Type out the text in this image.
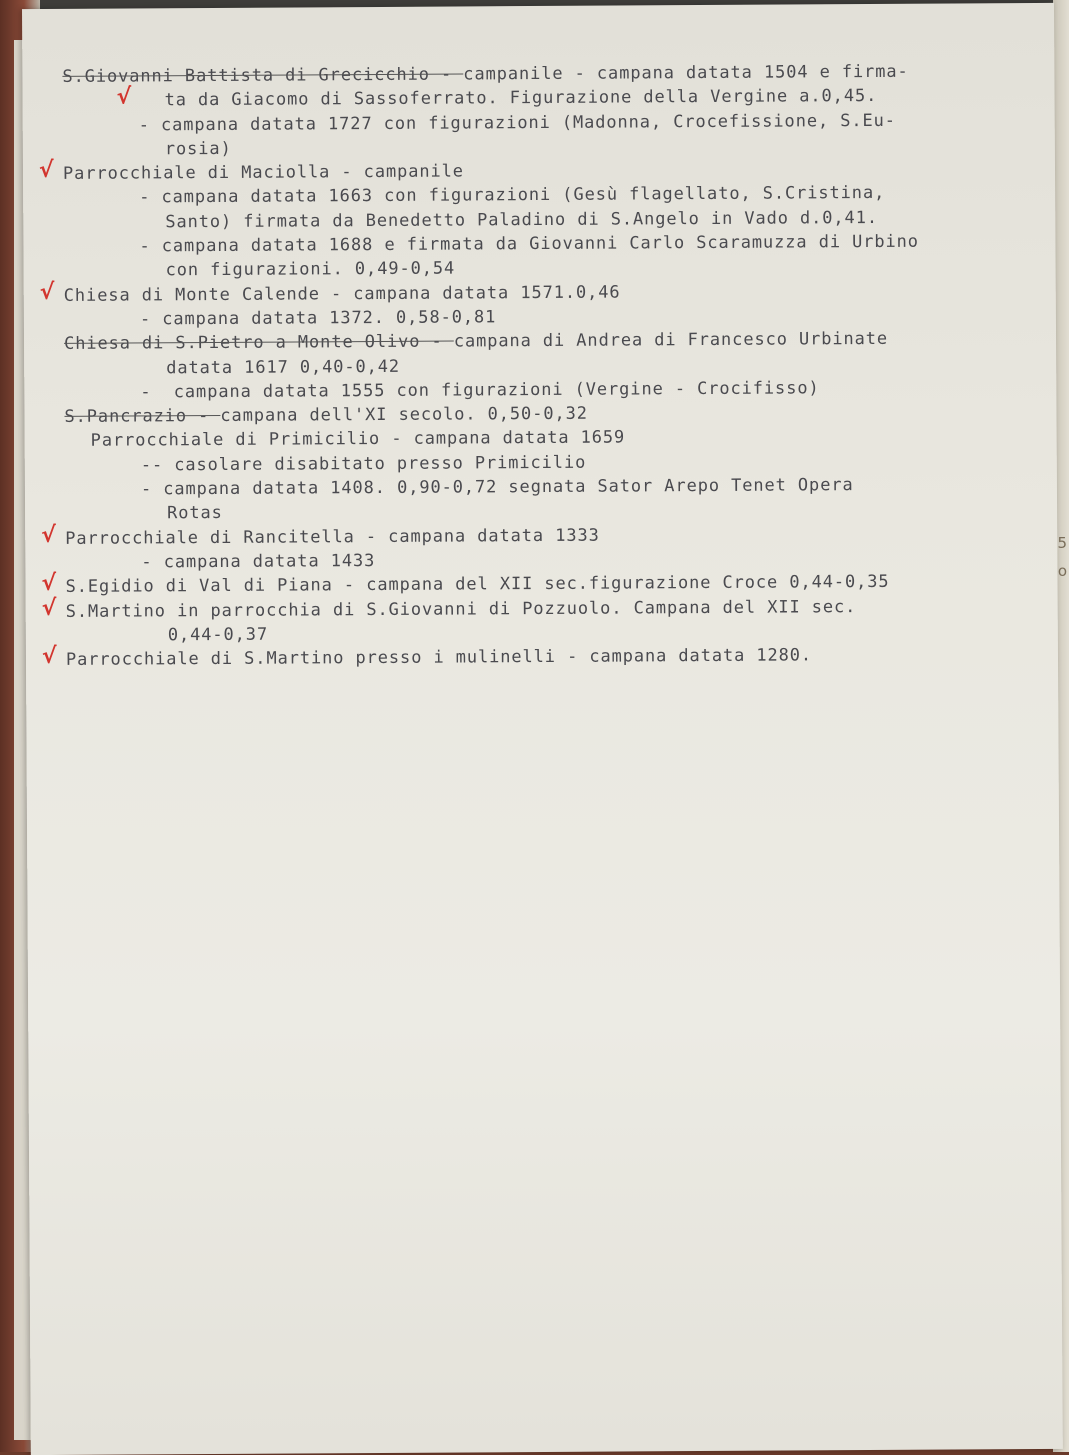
5
o
S.Giovanni Battista di Grecicchio - campanile - campana datata 1504 e firma-
ta da Giacomo di Sassoferrato. Figurazione della Vergine a.0,45.
- campana datata 1727 con figurazioni (Madonna, Crocefissione, S.Eu-
rosia)
Parrocchiale di Maciolla - campanile
- campana datata 1663 con figurazioni (Gesù flagellato, S.Cristina,
Santo) firmata da Benedetto Paladino di S.Angelo in Vado d.0,41.
- campana datata 1688 e firmata da Giovanni Carlo Scaramuzza di Urbino
con figurazioni. 0,49-0,54
Chiesa di Monte Calende - campana datata 1571.0,46
- campana datata 1372. 0,58-0,81
Chiesa di S.Pietro a Monte Olivo - campana di Andrea di Francesco Urbinate
datata 1617 0,40-0,42
-  campana datata 1555 con figurazioni (Vergine - Crocifisso)
S.Pancrazio - campana dell'XI secolo. 0,50-0,32
Parrocchiale di Primicilio - campana datata 1659
-- casolare disabitato presso Primicilio
- campana datata 1408. 0,90-0,72 segnata Sator Arepo Tenet Opera
Rotas
Parrocchiale di Rancitella - campana datata 1333
- campana datata 1433
S.Egidio di Val di Piana - campana del XII sec.figurazione Croce 0,44-0,35
S.Martino in parrocchia di S.Giovanni di Pozzuolo. Campana del XII sec.
0,44-0,37
Parrocchiale di S.Martino presso i mulinelli - campana datata 1280.
√
√
√
√
√
√
√
